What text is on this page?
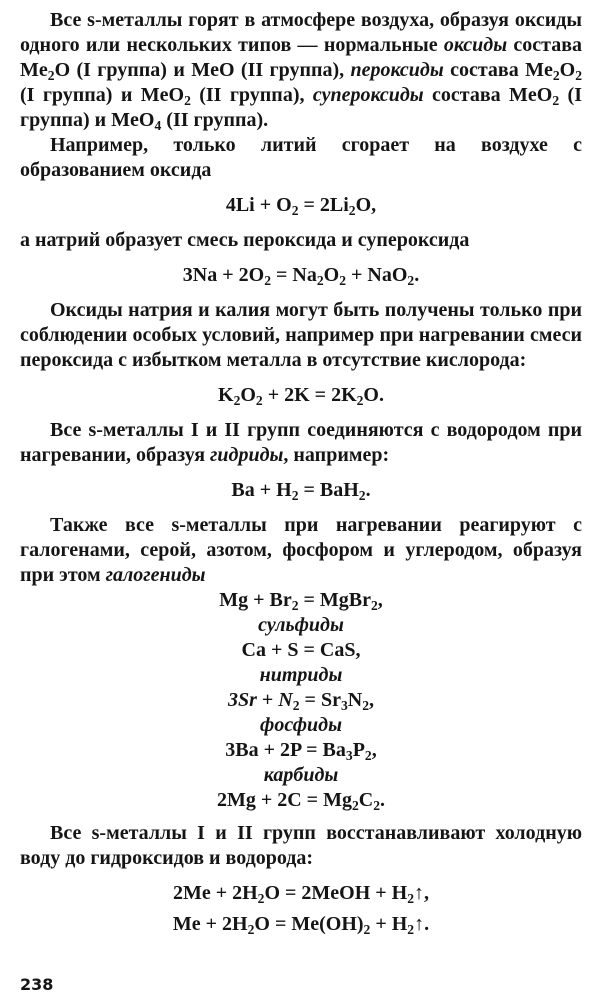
Все s-металлы горят в атмосфере воздуха, образуя оксиды одного или нескольких типов — нормальные оксиды состава $Me_2O$ (I группа) и MeO (II группа), пероксиды состава $Me_2O_2$ (I группа) и MeO$_2$ (II группа), супероксиды состава MeO$_2$ (I группа) и MeO$_4$ (II группа).

Например, только литий сгорает на воздухе с образованием оксида

$4Li + O_2 = 2Li_2O$,

а натрий образует смесь пероксида и супероксида

$3Na + 2O_2 = Na_2O_2 + NaO_2$.

Оксиды натрия и калия могут быть получены только при соблюдении особых условий, например при нагревании смеси пероксида с избытком металла в отсутствие кислорода:

$K_2O_2 + 2K = 2K_2O$.

Все s-металлы I и II групп соединяются с водородом при нагревании, образуя гидриды, например:

$Ba + H_2 = BaH_2$.

Также все s-металлы при нагревании реагируют с галогенами, серой, азотом, фосфором и углеродом, образуя при этом галогениды

$Mg + Br_2$ = MgBr$_2$,

сульфиды

Ca + S = CaS,

нитриды

$3Sr + N_2 = Sr_3N_2$,

фосфиды

$3Ba + 2P = Ba_3P_2$,

карбиды

$2Mg + 2C = Mg_2C_2$.

Все s-металлы I и II групп восстанавливают холодную воду до гидроксидов и водорода:

$2Me + 2H_2O$ = 2MeOH + $H_2↑$,

$Me + 2H_2O = Me(OH)_2$ + $H_2↑$.

238
